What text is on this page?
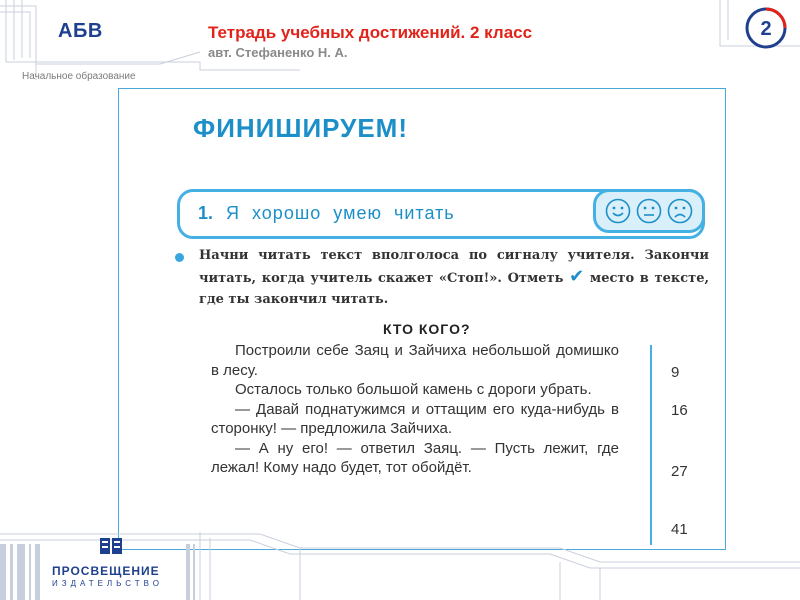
АБВ
Начальное образование
Тетрадь учебных достижений. 2 класс
авт. Стефаненко Н. А.
2
ФИНИШИРУЕМ!
1. Я хорошо умею читать
Начни читать текст вполголоса по сигналу учителя. Закончи читать, когда учитель скажет «Стоп!». Отметь ✔ место в тексте, где ты закончил читать.
КТО КОГО?

Построили себе Заяц и Зайчиха небольшой домишко в лесу.

Осталось только большой камень с дороги убрать.

— Давай поднатужимся и оттащим его куда-нибудь в сторонку! — предложила Зайчиха.

— А ну его! — ответил Заяц. — Пусть лежит, где лежал! Кому надо будет, тот обойдёт.

9
16
27
41
ПРОСВЕЩЕНИЕ
ИЗДАТЕЛЬСТВО
